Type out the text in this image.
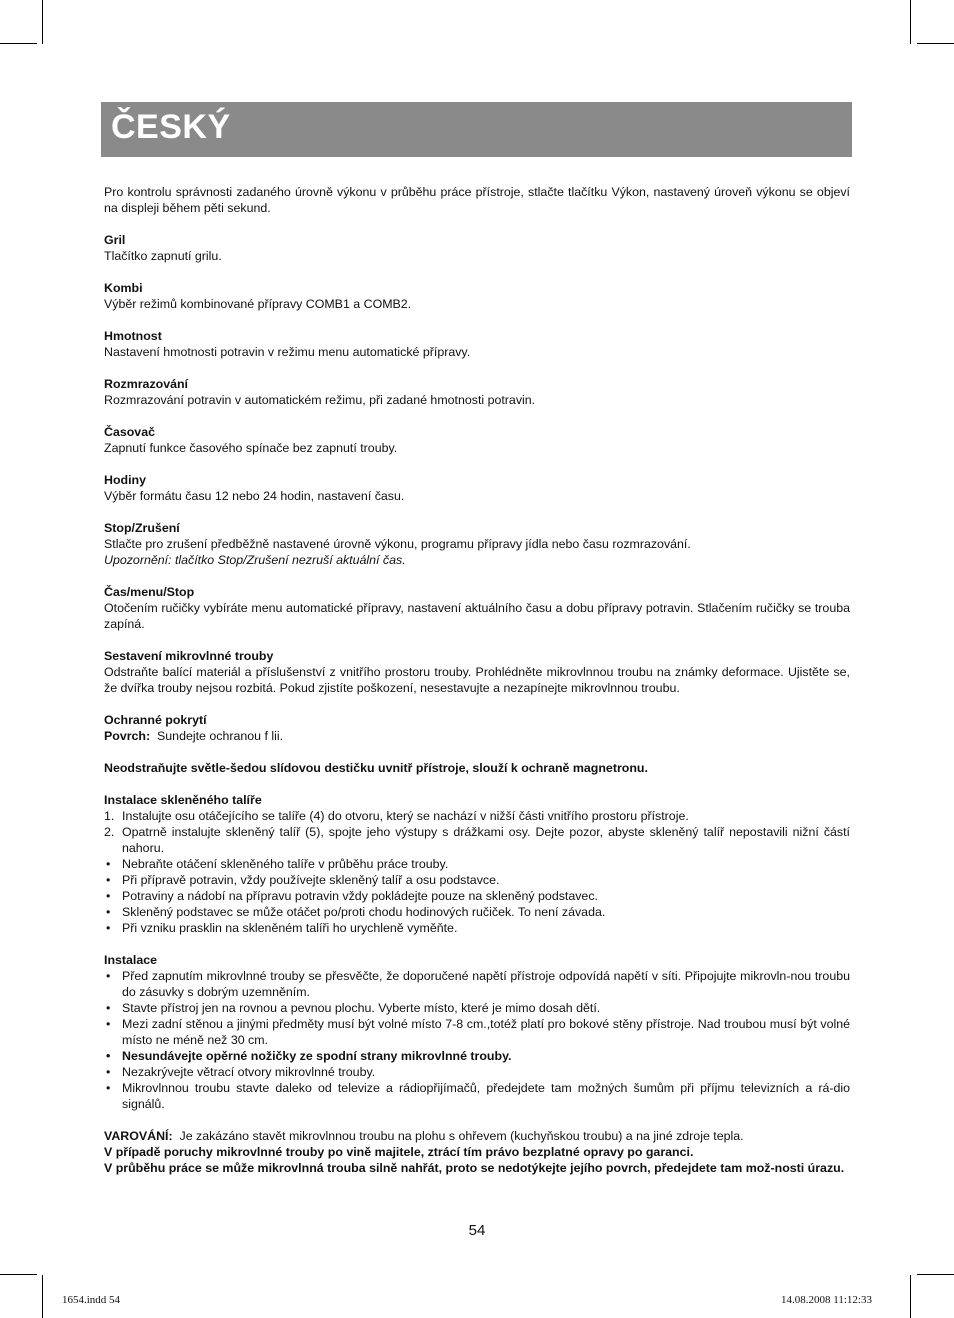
ČESKÝ
Pro kontrolu správnosti zadaného úrovně výkonu v průběhu práce přístroje, stlačte tlačítku Výkon, nastavený úroveň výkonu se objeví na displeji během pěti sekund.

Gril

Tlačítko zapnutí grilu.

Kombi

Výběr režimů kombinované přípravy COMB1 a COMB2.

Hmotnost

Nastavení hmotnosti potravin v režimu menu automatické přípravy.

Rozmrazování

Rozmrazování potravin v automatickém režimu, při zadané hmotnosti potravin.

Časovač

Zapnutí funkce časového spínače bez zapnutí trouby.

Hodiny

Výběr formátu času 12 nebo 24 hodin, nastavení času.

Stop/Zrušení

Stlačte pro zrušení předběžně nastavené úrovně výkonu, programu přípravy jídla nebo času rozmrazování.

Upozornění: tlačítko Stop/Zrušení nezruší aktuální čas.

Čas/menu/Stop

Otočením ručičky vybíráte menu automatické přípravy, nastavení aktuálního času a dobu přípravy potravin. Stlačením ručičky se trouba zapíná.

Sestavení mikrovlnné trouby

Odstraňte balící materiál a příslušenství z vnitřího prostoru trouby. Prohlédněte mikrovlnnou troubu na známky deformace. Ujistěte se, že dvířka trouby nejsou rozbitá. Pokud zjistíte poškození, nesestavujte a nezapínejte mikrovlnnou troubu.

Ochranné pokrytí

Povrch: Sundejte ochranou f lii.

Neodstraňujte světle-šedou slídovou destičku uvnitř přístroje, slouží k ochraně magnetronu.

Instalace skleněného talíře

1. Instalujte osu otáčejícího se talíře (4) do otvoru, který se nachází v nižší části vnitřího prostoru přístroje.
2. Opatrně instalujte skleněný talíř (5), spojte jeho výstupy s drážkami osy. Dejte pozor, abyste skleněný talíř nepostavili nižní částí nahoru.
• Nebraňte otáčení skleněného talíře v průběhu práce trouby.
• Při přípravě potravin, vždy používejte skleněný talíř a osu podstavce.
• Potraviny a nádobí na přípravu potravin vždy pokládejte pouze na skleněný podstavec.
• Skleněný podstavec se může otáčet po/proti chodu hodinových ručiček. To není závada.
• Při vzniku prasklin na skleněném talíři ho urychleně vyměňte.

Instalace

• Před zapnutím mikrovlnné trouby se přesvěčte, že doporučené napětí přístroje odpovídá napětí v síti. Připojujte mikrovln-nou troubu do zásuvky s dobrým uzemněním.
• Stavte přístroj jen na rovnou a pevnou plochu. Vyberte místo, které je mimo dosah dětí.
• Mezi zadní stěnou a jinými předměty musí být volné místo 7-8 cm.,totéž platí pro bokové stěny přístroje. Nad troubou musí být volné místo ne méně než 30 cm.
• Nesundávejte opěrné nožičky ze spodní strany mikrovlnné trouby.
• Nezakrývejte větrací otvory mikrovlnné trouby.
• Mikrovlnnou troubu stavte daleko od televize a rádiopřijímačů, předejdete tam možných šumům při příjmu televizních a rá-dio signálů.

VAROVÁNÍ: Je zakázáno stavět mikrovlnnou troubu na plohu s ohřevem (kuchyňskou troubu) a na jiné zdroje tepla.

V případě poruchy mikrovlnné trouby po vině majitele, ztrácí tím právo bezplatné opravy po garanci.

V průběhu práce se může mikrovlnná trouba silně nahřát, proto se nedotýkejte jejího povrch, předejdete tam mož-nosti úrazu.

54
1654.indd 54	14.08.2008 11:12:33
